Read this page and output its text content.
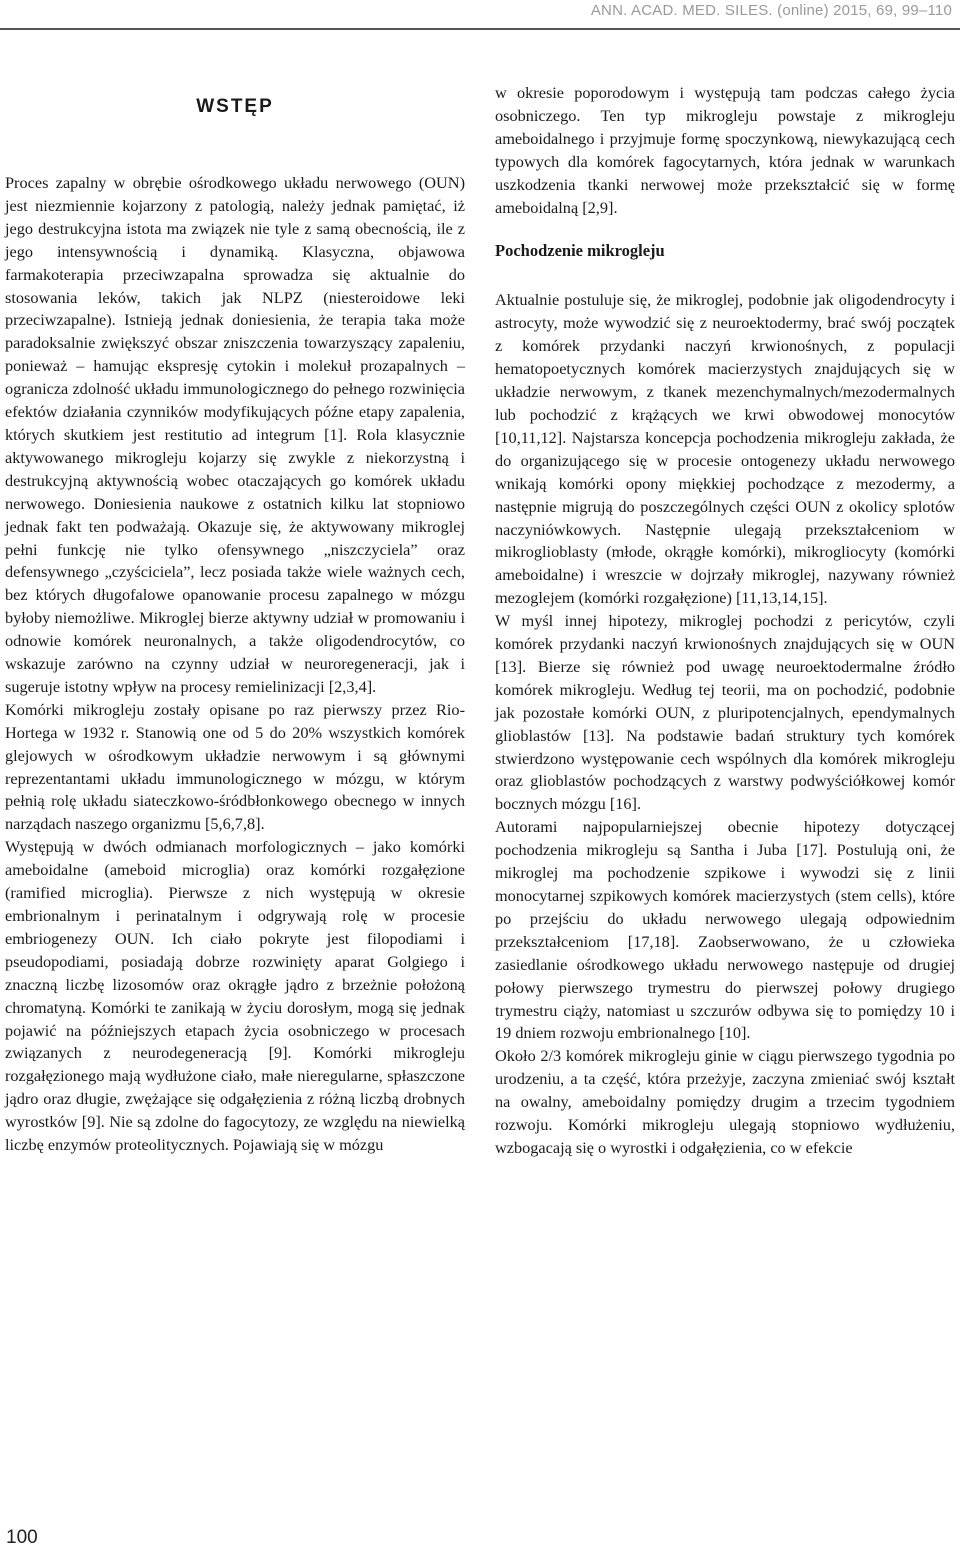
ANN. ACAD. MED. SILES. (online) 2015, 69, 99–110
WSTĘP

Proces zapalny w obrębie ośrodkowego układu nerwowego (OUN) jest niezmiennie kojarzony z patologią, należy jednak pamiętać, iż jego destrukcyjna istota ma związek nie tyle z samą obecnością, ile z jego intensywnością i dynamiką. Klasyczna, objawowa farmakoterapia przeciwzapalna sprowadza się aktualnie do stosowania leków, takich jak NLPZ (niesteroidowe leki przeciwzapalne). Istnieją jednak doniesienia, że terapia taka może paradoksalnie zwiększyć obszar zniszczenia towarzyszący zapaleniu, ponieważ – hamując ekspresję cytokin i molekuł prozapalnych – ogranicza zdolność układu immunologicznego do pełnego rozwinięcia efektów działania czynników modyfikujących późne etapy zapalenia, których skutkiem jest restitutio ad integrum [1]. Rola klasycznie aktywowanego mikrogleju kojarzy się zwykle z niekorzystną i destrukcyjną aktywnością wobec otaczających go komórek układu nerwowego. Doniesienia naukowe z ostatnich kilku lat stopniowo jednak fakt ten podważają. Okazuje się, że aktywowany mikroglej pełni funkcję nie tylko ofensywnego „niszczyciela” oraz defensywnego „czyściciela”, lecz posiada także wiele ważnych cech, bez których długofalowe opanowanie procesu zapalnego w mózgu byłoby niemożliwe. Mikroglej bierze aktywny udział w promowaniu i odnowie komórek neuronalnych, a także oligodendrocytów, co wskazuje zarówno na czynny udział w neuroregeneracji, jak i sugeruje istotny wpływ na procesy remielinizacji [2,3,4].

Komórki mikrogleju zostały opisane po raz pierwszy przez Rio-Hortega w 1932 r. Stanowią one od 5 do 20% wszystkich komórek glejowych w ośrodkowym układzie nerwowym i są głównymi reprezentantami układu immunologicznego w mózgu, w którym pełnią rolę układu siateczkowo-śródbłonkowego obecnego w innych narządach naszego organizmu [5,6,7,8].

Występują w dwóch odmianach morfologicznych – jako komórki ameboidalne (ameboid microglia) oraz komórki rozgałęzione (ramified microglia). Pierwsze z nich występują w okresie embrionalnym i perinatalnym i odgrywają rolę w procesie embriogenezy OUN. Ich ciało pokryte jest filopodiami i pseudopodiami, posiadają dobrze rozwinięty aparat Golgiego i znaczną liczbę lizosomów oraz okrągłe jądro z brzeżnie położoną chromatyną. Komórki te zanikają w życiu dorosłym, mogą się jednak pojawić na późniejszych etapach życia osobniczego w procesach związanych z neurodegeneracją [9]. Komórki mikrogleju rozgałęzionego mają wydłużone ciało, małe nieregularne, spłaszczone jądro oraz długie, zwężające się odgałęzienia z różną liczbą drobnych wyrostków [9]. Nie są zdolne do fagocytozy, ze względu na niewielką liczbę enzymów proteolitycznych. Pojawiają się w mózgu

w okresie poporodowym i występują tam podczas całego życia osobniczego. Ten typ mikrogleju powstaje z mikrogleju ameboidalnego i przyjmuje formę spoczynkową, niewykazującą cech typowych dla komórek fagocytarnych, która jednak w warunkach uszkodzenia tkanki nerwowej może przekształcić się w formę ameboidalną [2,9].

Pochodzenie mikrogleju

Aktualnie postuluje się, że mikroglej, podobnie jak oligodendrocyty i astrocyty, może wywodzić się z neuroektodermy, brać swój początek z komórek przydanki naczyń krwionośnych, z populacji hematopoetycznych komórek macierzystych znajdujących się w układzie nerwowym, z tkanek mezenchymalnych/mezodermalnych lub pochodzić z krążących we krwi obwodowej monocytów [10,11,12]. Najstarsza koncepcja pochodzenia mikrogleju zakłada, że do organizującego się w procesie ontogenezy układu nerwowego wnikają komórki opony miękkiej pochodzące z mezodermy, a następnie migrują do poszczególnych części OUN z okolicy splotów naczyniówkowych. Następnie ulegają przekształceniom w mikroglioblasty (młode, okrągłe komórki), mikrogliocyty (komórki ameboidalne) i wreszcie w dojrzały mikroglej, nazywany również mezoglejem (komórki rozgałęzione) [11,13,14,15].

W myśl innej hipotezy, mikroglej pochodzi z pericytów, czyli komórek przydanki naczyń krwionośnych znajdujących się w OUN [13]. Bierze się również pod uwagę neuroektodermalne źródło komórek mikrogleju. Według tej teorii, ma on pochodzić, podobnie jak pozostałe komórki OUN, z pluripotencjalnych, ependymalnych glioblastów [13]. Na podstawie badań struktury tych komórek stwierdzono występowanie cech wspólnych dla komórek mikrogleju oraz glioblastów pochodzących z warstwy podwyściółkowej komór bocznych mózgu [16].

Autorami najpopularniejszej obecnie hipotezy dotyczącej pochodzenia mikrogleju są Santha i Juba [17]. Postulują oni, że mikroglej ma pochodzenie szpikowe i wywodzi się z linii monocytarnej szpikowych komórek macierzystych (stem cells), które po przejściu do układu nerwowego ulegają odpowiednim przekształceniom [17,18]. Zaobserwowano, że u człowieka zasiedlanie ośrodkowego układu nerwowego następuje od drugiej połowy pierwszego trymestru do pierwszej połowy drugiego trymestru ciąży, natomiast u szczurów odbywa się to pomiędzy 10 i 19 dniem rozwoju embrionalnego [10].

Około 2/3 komórek mikrogleju ginie w ciągu pierwszego tygodnia po urodzeniu, a ta część, która przeżyje, zaczyna zmieniać swój kształt na owalny, ameboidalny pomiędzy drugim a trzecim tygodniem rozwoju. Komórki mikrogleju ulegają stopniowo wydłużeniu, wzbogacają się o wyrostki i odgałęzienia, co w efekcie

100
